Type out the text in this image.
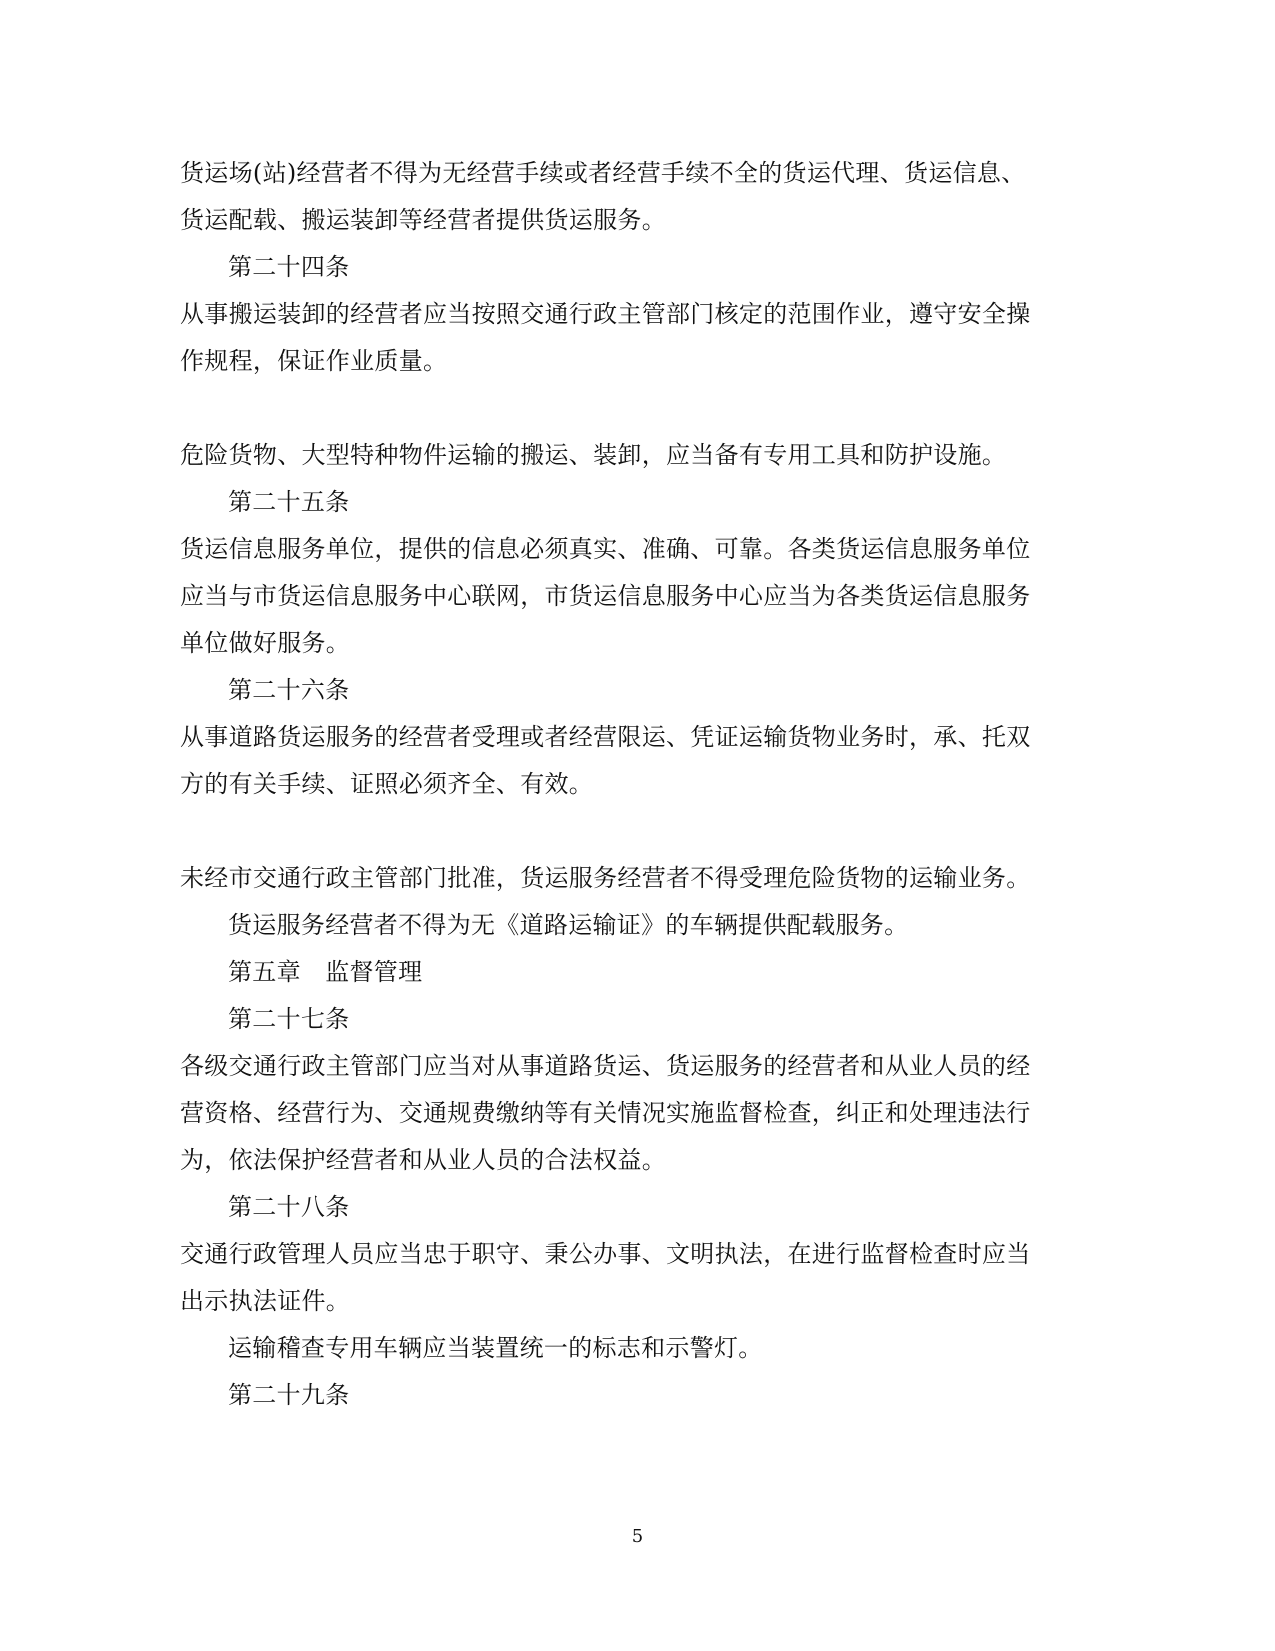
货运场(站)经营者不得为无经营手续或者经营手续不全的货运代理、货运信息、
货运配载、搬运装卸等经营者提供货运服务。
第二十四条
从事搬运装卸的经营者应当按照交通行政主管部门核定的范围作业，遵守安全操
作规程，保证作业质量。
危险货物、大型特种物件运输的搬运、装卸，应当备有专用工具和防护设施。
第二十五条
货运信息服务单位，提供的信息必须真实、准确、可靠。各类货运信息服务单位
应当与市货运信息服务中心联网，市货运信息服务中心应当为各类货运信息服务
单位做好服务。
第二十六条
从事道路货运服务的经营者受理或者经营限运、凭证运输货物业务时，承、托双
方的有关手续、证照必须齐全、有效。
未经市交通行政主管部门批准，货运服务经营者不得受理危险货物的运输业务。
货运服务经营者不得为无《道路运输证》的车辆提供配载服务。
第五章　监督管理
第二十七条
各级交通行政主管部门应当对从事道路货运、货运服务的经营者和从业人员的经
营资格、经营行为、交通规费缴纳等有关情况实施监督检查，纠正和处理违法行
为，依法保护经营者和从业人员的合法权益。
第二十八条
交通行政管理人员应当忠于职守、秉公办事、文明执法，在进行监督检查时应当
出示执法证件。
运输稽查专用车辆应当装置统一的标志和示警灯。
第二十九条
5
